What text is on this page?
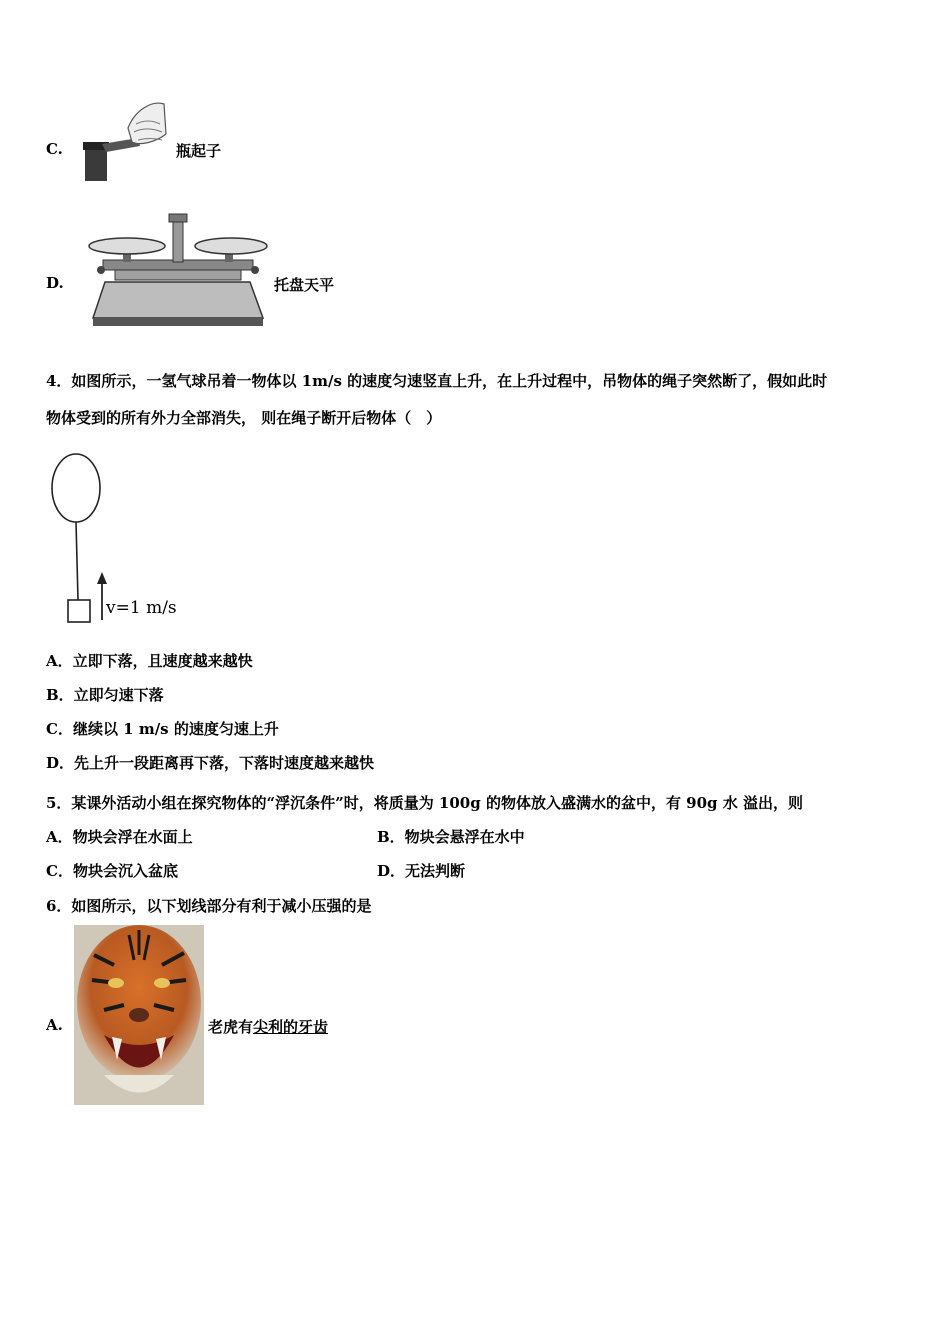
C.	瓶起子
D.	托盘天平
4．如图所示，一氢气球吊着一物体以 1m/s 的速度匀速竖直上升，在上升过程中，吊物体的绳子突然断了，假如此时
物体受到的所有外力全部消失， 则在绳子断开后物体（　）
v=1 m/s
A．立即下落，且速度越来越快
B．立即匀速下落
C．继续以 1 m/s 的速度匀速上升
D．先上升一段距离再下落，下落时速度越来越快
5．某课外活动小组在探究物体的“浮沉条件”时，将质量为 100g 的物体放入盛满水的盆中，有 90g 水 溢出，则
A．物块会浮在水面上	B．物块会悬浮在水中
C．物块会沉入盆底	D．无法判断
6．如图所示，以下划线部分有利于减小压强的是
A.	老虎有尖利的牙齿
